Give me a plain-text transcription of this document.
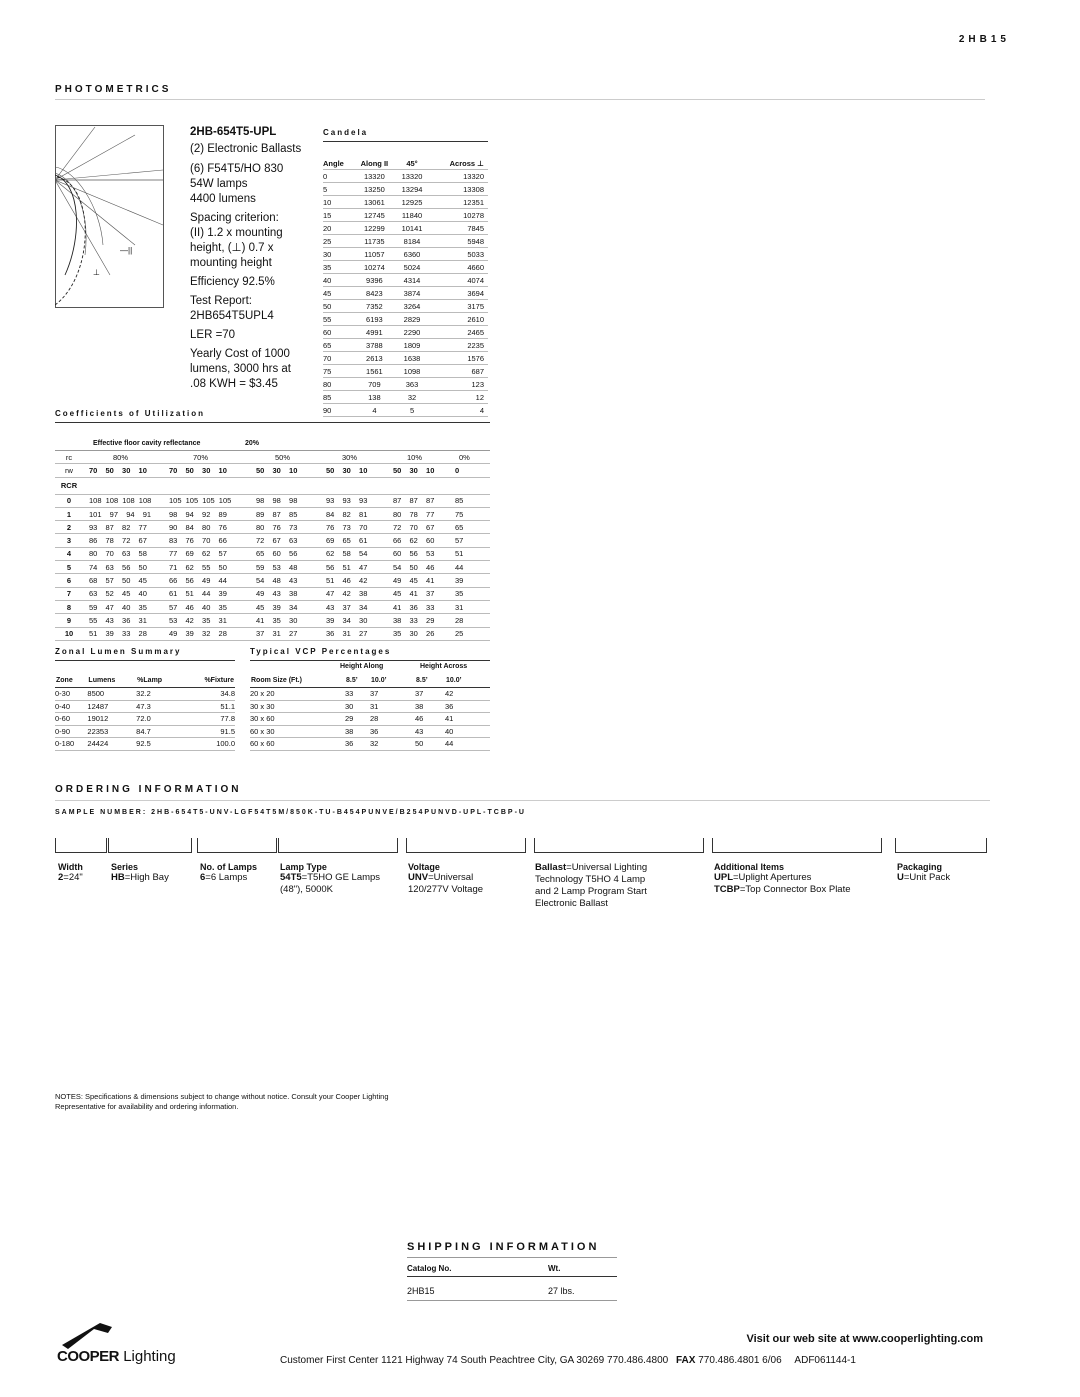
2HB15
PHOTOMETRICS
—||
⊥
2HB-654T5-UPL
(2) Electronic Ballasts
(6) F54T5/HO 830
54W lamps
4400 lumens
Spacing criterion:
(II) 1.2 x mounting
height, (⊥) 0.7 x
mounting height
Efficiency 92.5%
Test Report:
2HB654T5UPL4
LER =70
Yearly Cost of 1000
lumens, 3000 hrs at
.08 KWH = $3.45
Candela
Angle	Along II	45°	Across ⊥
0	13320	13320	13320
5	13250	13294	13308
10	13061	12925	12351
15	12745	11840	10278
20	12299	10141	7845
25	11735	8184	5948
30	11057	6360	5033
35	10274	5024	4660
40	9396	4314	4074
45	8423	3874	3694
50	7352	3264	3175
55	6193	2829	2610
60	4991	2290	2465
65	3788	1809	2235
70	2613	1638	1576
75	1561	1098	687
80	709	363	123
85	138	32	12
90	4	5	4
Coefficients of Utilization
Effective floor cavity reflectance	20%
rc	80%	70%	50%	30%	10%	0%
rw	70  50  30  10	70  50  30  10	50  30  10	50  30  10	50  30  10	0
RCR						
0	108 108 108 108	105 105 105 105	98  98  98	93  93  93	87  87  87	85
1	101  97  94  91	98  94  92  89	89  87  85	84  82  81	80  78  77	75
2	93  87  82  77	90  84  80  76	80  76  73	76  73  70	72  70  67	65
3	86  78  72  67	83  76  70  66	72  67  63	69  65  61	66  62  60	57
4	80  70  63  58	77  69  62  57	65  60  56	62  58  54	60  56  53	51
5	74  63  56  50	71  62  55  50	59  53  48	56  51  47	54  50  46	44
6	68  57  50  45	66  56  49  44	54  48  43	51  46  42	49  45  41	39
7	63  52  45  40	61  51  44  39	49  43  38	47  42  38	45  41  37	35
8	59  47  40  35	57  46  40  35	45  39  34	43  37  34	41  36  33	31
9	55  43  36  31	53  42  35  31	41  35  30	39  34  30	38  33  29	28
10	51  39  33  28	49  39  32  28	37  31  27	36  31  27	35  30  26	25
Zonal Lumen Summary
Zone	Lumens	%Lamp	%Fixture
0-30	8500	32.2	34.8
0-40	12487	47.3	51.1
0-60	19012	72.0	77.8
0-90	22353	84.7	91.5
0-180	24424	92.5	100.0
Typical VCP Percentages
Height Along	Height Across
Room Size (Ft.)	8.5’	10.0’	8.5’	10.0’
20 x 20	33	37	37	42
30 x 30	30	31	38	36
30 x 60	29	28	46	41
60 x 30	38	36	43	40
60 x 60	36	32	50	44
ORDERING INFORMATION
SAMPLE NUMBER: 2HB-654T5-UNV-LGF54T5M/850K-TU-B454PUNVE/B254PUNVD-UPL-TCBP-U
Width
2=24"
Series
HB=High Bay
No. of Lamps
6=6 Lamps
Lamp Type
54T5=T5HO GE Lamps
(48"), 5000K
Voltage
UNV=Universal
120/277V Voltage
Ballast=Universal Lighting
Technology T5HO 4 Lamp
and 2 Lamp Program Start
Electronic Ballast
Additional Items
UPL=Uplight Apertures
TCBP=Top Connector Box Plate
Packaging
U=Unit Pack
NOTES: Specifications & dimensions subject to change without notice. Consult your Cooper Lighting
Representative for availability and ordering information.
SHIPPING INFORMATION
Catalog No.	Wt.
2HB15	27 lbs.
Visit our web site at www.cooperlighting.com
COOPER Lighting	Customer First Center 1121 Highway 74 South Peachtree City, GA 30269 770.486.4800 FAX 770.486.4801 6/06 ADF061144-1
